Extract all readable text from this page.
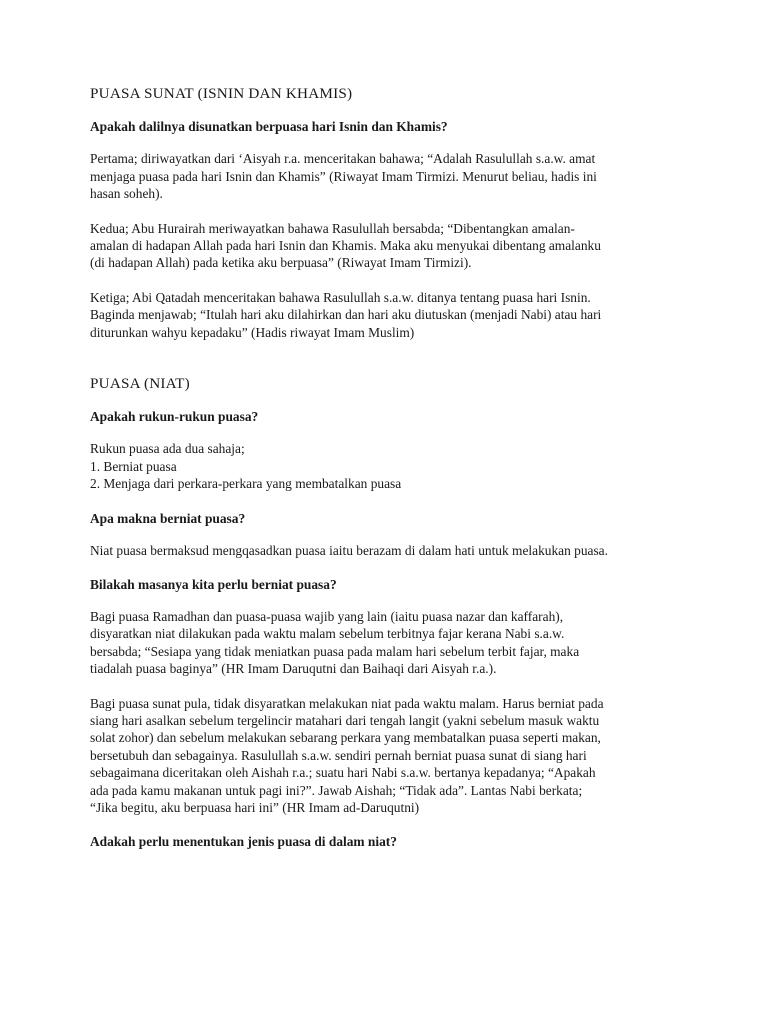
PUASA SUNAT (ISNIN DAN KHAMIS)

Apakah dalilnya disunatkan berpuasa hari Isnin dan Khamis?

Pertama; diriwayatkan dari ‘Aisyah r.a. menceritakan bahawa; “Adalah Rasulullah s.a.w. amat
menjaga puasa pada hari Isnin dan Khamis” (Riwayat Imam Tirmizi. Menurut beliau, hadis ini
hasan soheh).

Kedua; Abu Hurairah meriwayatkan bahawa Rasulullah bersabda; “Dibentangkan amalan-
amalan di hadapan Allah pada hari Isnin dan Khamis. Maka aku menyukai dibentang amalanku
(di hadapan Allah) pada ketika aku berpuasa” (Riwayat Imam Tirmizi).

Ketiga; Abi Qatadah menceritakan bahawa Rasulullah s.a.w. ditanya tentang puasa hari Isnin.
Baginda menjawab; “Itulah hari aku dilahirkan dan hari aku diutuskan (menjadi Nabi) atau hari
diturunkan wahyu kepadaku” (Hadis riwayat Imam Muslim)

PUASA (NIAT)

Apakah rukun-rukun puasa?

Rukun puasa ada dua sahaja;
1. Berniat puasa
2. Menjaga dari perkara-perkara yang membatalkan puasa

Apa makna berniat puasa?

Niat puasa bermaksud mengqasadkan puasa iaitu berazam di dalam hati untuk melakukan puasa.

Bilakah masanya kita perlu berniat puasa?

Bagi puasa Ramadhan dan puasa-puasa wajib yang lain (iaitu puasa nazar dan kaffarah),
disyaratkan niat dilakukan pada waktu malam sebelum terbitnya fajar kerana Nabi s.a.w.
bersabda; “Sesiapa yang tidak meniatkan puasa pada malam hari sebelum terbit fajar, maka
tiadalah puasa baginya” (HR Imam Daruqutni dan Baihaqi dari Aisyah r.a.).

Bagi puasa sunat pula, tidak disyaratkan melakukan niat pada waktu malam. Harus berniat pada
siang hari asalkan sebelum tergelincir matahari dari tengah langit (yakni sebelum masuk waktu
solat zohor) dan sebelum melakukan sebarang perkara yang membatalkan puasa seperti makan,
bersetubuh dan sebagainya. Rasulullah s.a.w. sendiri pernah berniat puasa sunat di siang hari
sebagaimana diceritakan oleh Aishah r.a.; suatu hari Nabi s.a.w. bertanya kepadanya; “Apakah
ada pada kamu makanan untuk pagi ini?”. Jawab Aishah; “Tidak ada”. Lantas Nabi berkata;
“Jika begitu, aku berpuasa hari ini” (HR Imam ad-Daruqutni)

Adakah perlu menentukan jenis puasa di dalam niat?
